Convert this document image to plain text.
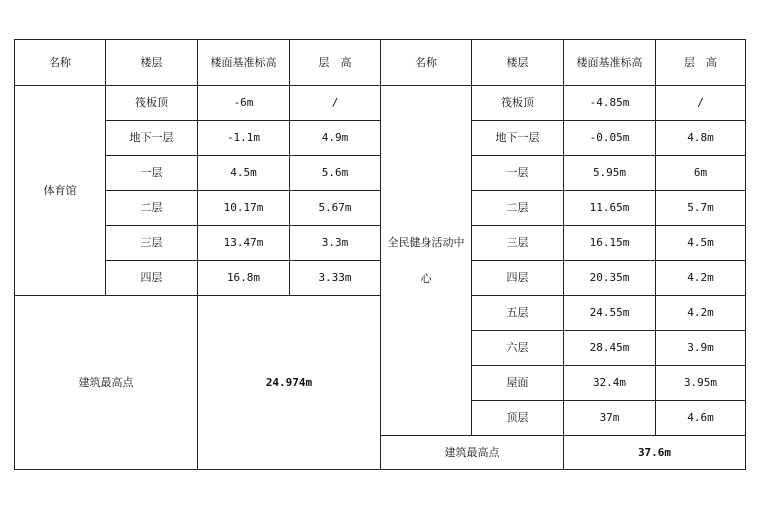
名称	楼层	楼面基准标高	层　高	名称	楼层	楼面基准标高	层　高
体育馆	筏板顶	-6m	/	全民健身活动中心	筏板顶	-4.85m	/
	地下一层	-1.1m	4.9m		地下一层	-0.05m	4.8m
	一层	4.5m	5.6m		一层	5.95m	6m
	二层	10.17m	5.67m		二层	11.65m	5.7m
	三层	13.47m	3.3m		三层	16.15m	4.5m
	四层	16.8m	3.33m		四层	20.35m	4.2m
建筑最高点		24.974m			五层	24.55m	4.2m
					六层	28.45m	3.9m
					屋面	32.4m	3.95m
					顶层	37m	4.6m
				建筑最高点		37.6m	
